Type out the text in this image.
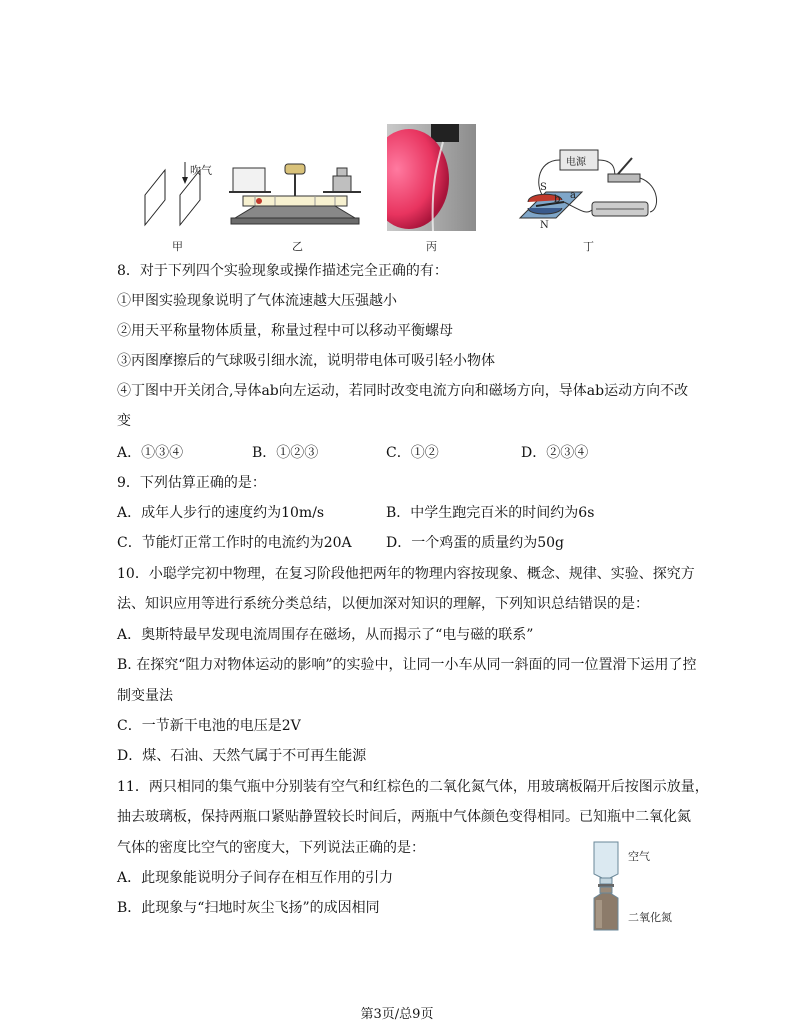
吹气
甲	乙	丙
电源
S
N
a
b
丁
8．对于下列四个实验现象或操作描述完全正确的有：
①甲图实验现象说明了气体流速越大压强越小
②用天平称量物体质量，称量过程中可以移动平衡螺母
③丙图摩擦后的气球吸引细水流，说明带电体可吸引轻小物体
④丁图中开关闭合,导体ab向左运动，若同时改变电流方向和磁场方向，导体ab运动方向不改
变
A．①③④	B．①②③	C．①②	D．②③④
9．下列估算正确的是：
A．成年人步行的速度约为10m/s	B．中学生跑完百米的时间约为6s
C．节能灯正常工作时的电流约为20A D．一个鸡蛋的质量约为50g
10．小聪学完初中物理，在复习阶段他把两年的物理内容按现象、概念、规律、实验、探究方
法、知识应用等进行系统分类总结，以便加深对知识的理解，下列知识总结错误的是：
A．奥斯特最早发现电流周围存在磁场，从而揭示了“电与磁的联系”
B. 在探究“阻力对物体运动的影响”的实验中，让同一小车从同一斜面的同一位置滑下运用了控
制变量法
C．一节新干电池的电压是2V
D．煤、石油、天然气属于不可再生能源
11．两只相同的集气瓶中分别装有空气和红棕色的二氧化氮气体，用玻璃板隔开后按图示放量，
抽去玻璃板，保持两瓶口紧贴静置较长时间后，两瓶中气体颜色变得相同。已知瓶中二氧化氮
气体的密度比空气的密度大，下列说法正确的是：
A．此现象能说明分子间存在相互作用的引力
B．此现象与“扫地时灰尘飞扬”的成因相同
空气
二氧化氮
第3页/总9页
